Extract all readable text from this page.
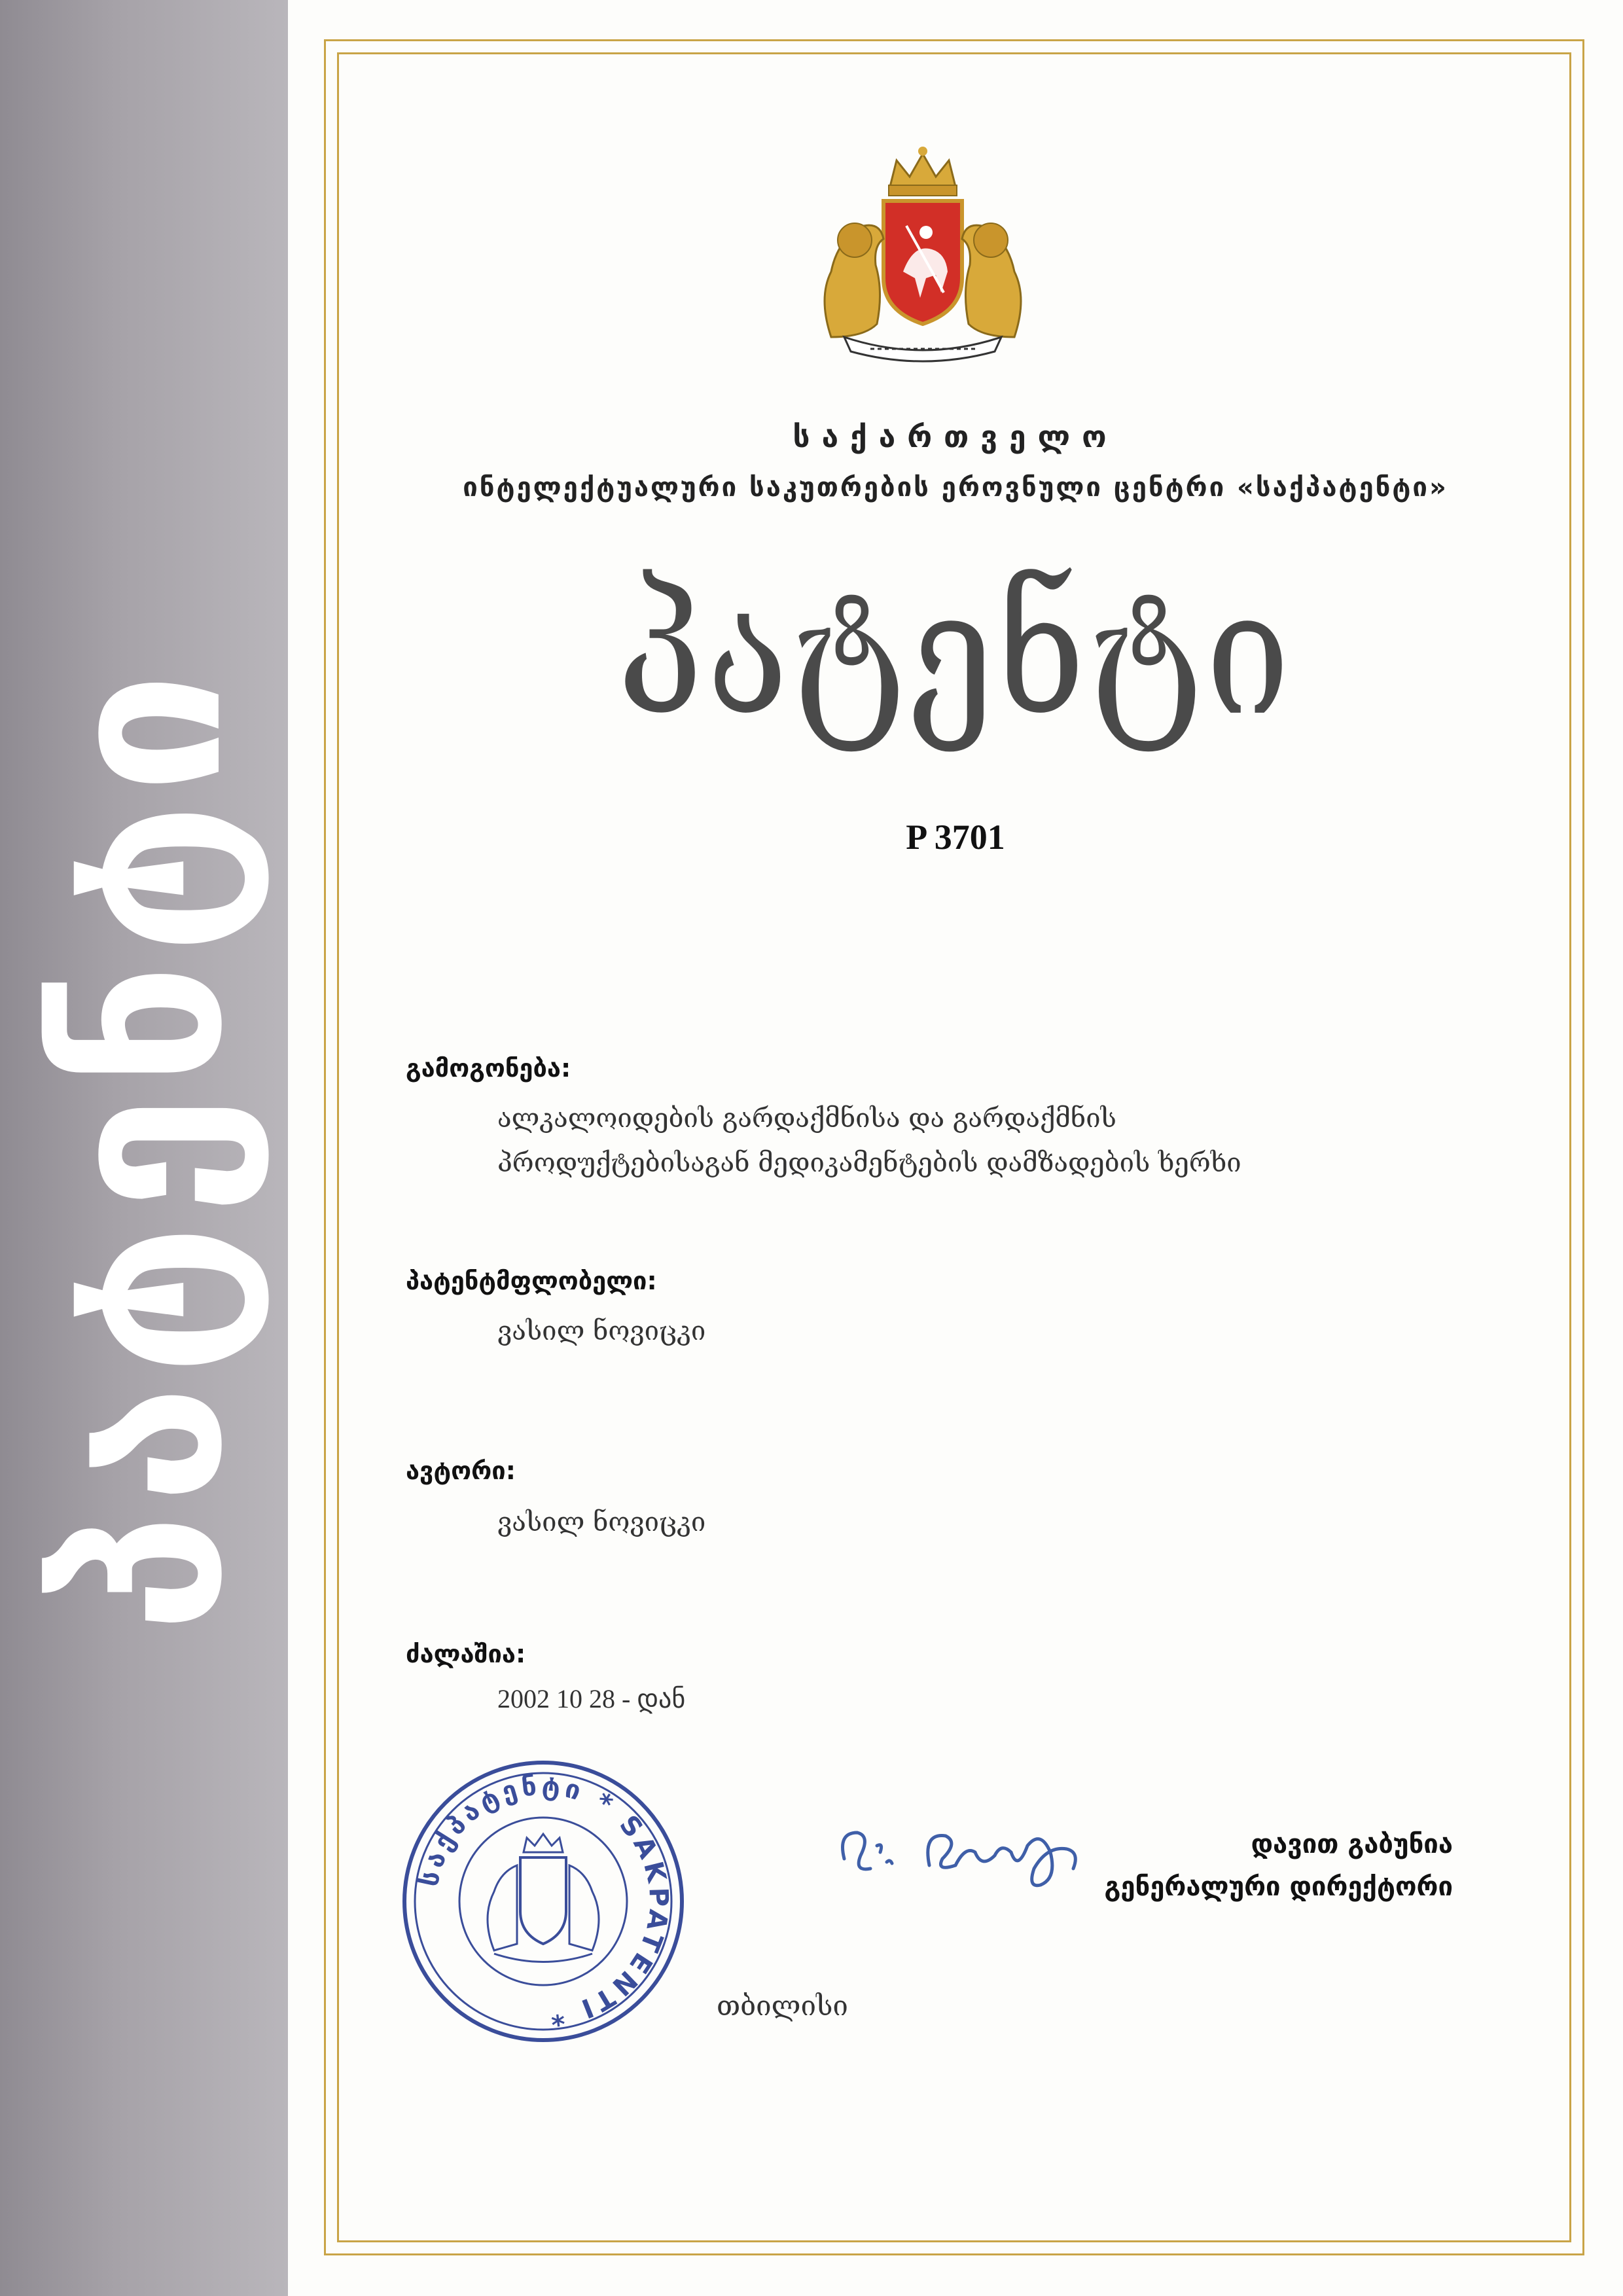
პატენტი
საქართველო
ინტელექტუალური საკუთრების ეროვნული ცენტრი «საქპატენტი»
პატენტი
P 3701
გამოგონება:
ალკალოიდების გარდაქმნისა და გარდაქმნის
პროდუქტებისაგან მედიკამენტების დამზადების ხერხი
პატენტმფლობელი:
ვასილ ნოვიცკი
ავტორი:
ვასილ ნოვიცკი
ძალაშია:
2002 10 28 - დან
საქპატენტი * SAKPATENTI *
დავით გაბუნია
გენერალური დირექტორი
თბილისი
